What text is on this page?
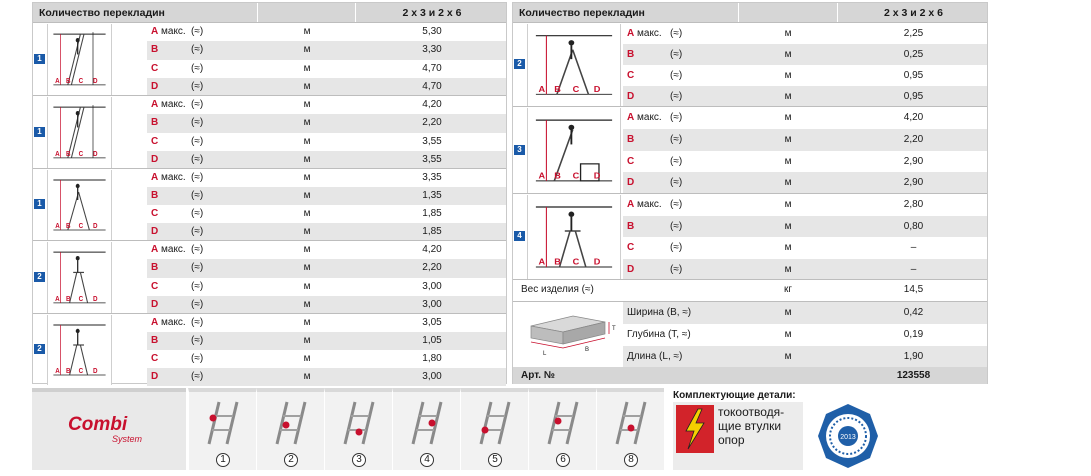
Количество перекладин	2 x 3 и 2 x 6
1
A B C D
A макс. (≈)	м	5,30
B	(≈)	м	3,30
C	(≈)	м	4,70
D	(≈)	м	4,70
1
A B C D
A макс. (≈)	м	4,20
B	(≈)	м	2,20
C	(≈)	м	3,55
D	(≈)	м	3,55
1
A B C D
A макс. (≈)	м	3,35
B	(≈)	м	1,35
C	(≈)	м	1,85
D	(≈)	м	1,85
2
A B C D
A макс. (≈)	м	4,20
B	(≈)	м	2,20
C	(≈)	м	3,00
D	(≈)	м	3,00
2
A B C D
A макс. (≈)	м	3,05
B	(≈)	м	1,05
C	(≈)	м	1,80
D	(≈)	м	3,00
Количество перекладин	2 x 3 и 2 x 6
2
A B C D
A макс. (≈)	м	2,25
B	(≈)	м	0,25
C	(≈)	м	0,95
D	(≈)	м	0,95
3
A B C D
A макс. (≈)	м	4,20
B	(≈)	м	2,20
C	(≈)	м	2,90
D	(≈)	м	2,90
4
A B C D
A макс. (≈)	м	2,80
B	(≈)	м	0,80
C	(≈)	м	–
D	(≈)	м	–
Вес изделия (≈)	кг	14,5
L
B
T
Ширина (B, ≈)	м	0,42
Глубина (T, ≈)	м	0,19
Длина (L, ≈)	м	1,90
Арт. №	123558
Combi
System
1	2	3	4	5	6	8
Комплектующие детали:
токоотводя-
щие втулки
опор	2013
